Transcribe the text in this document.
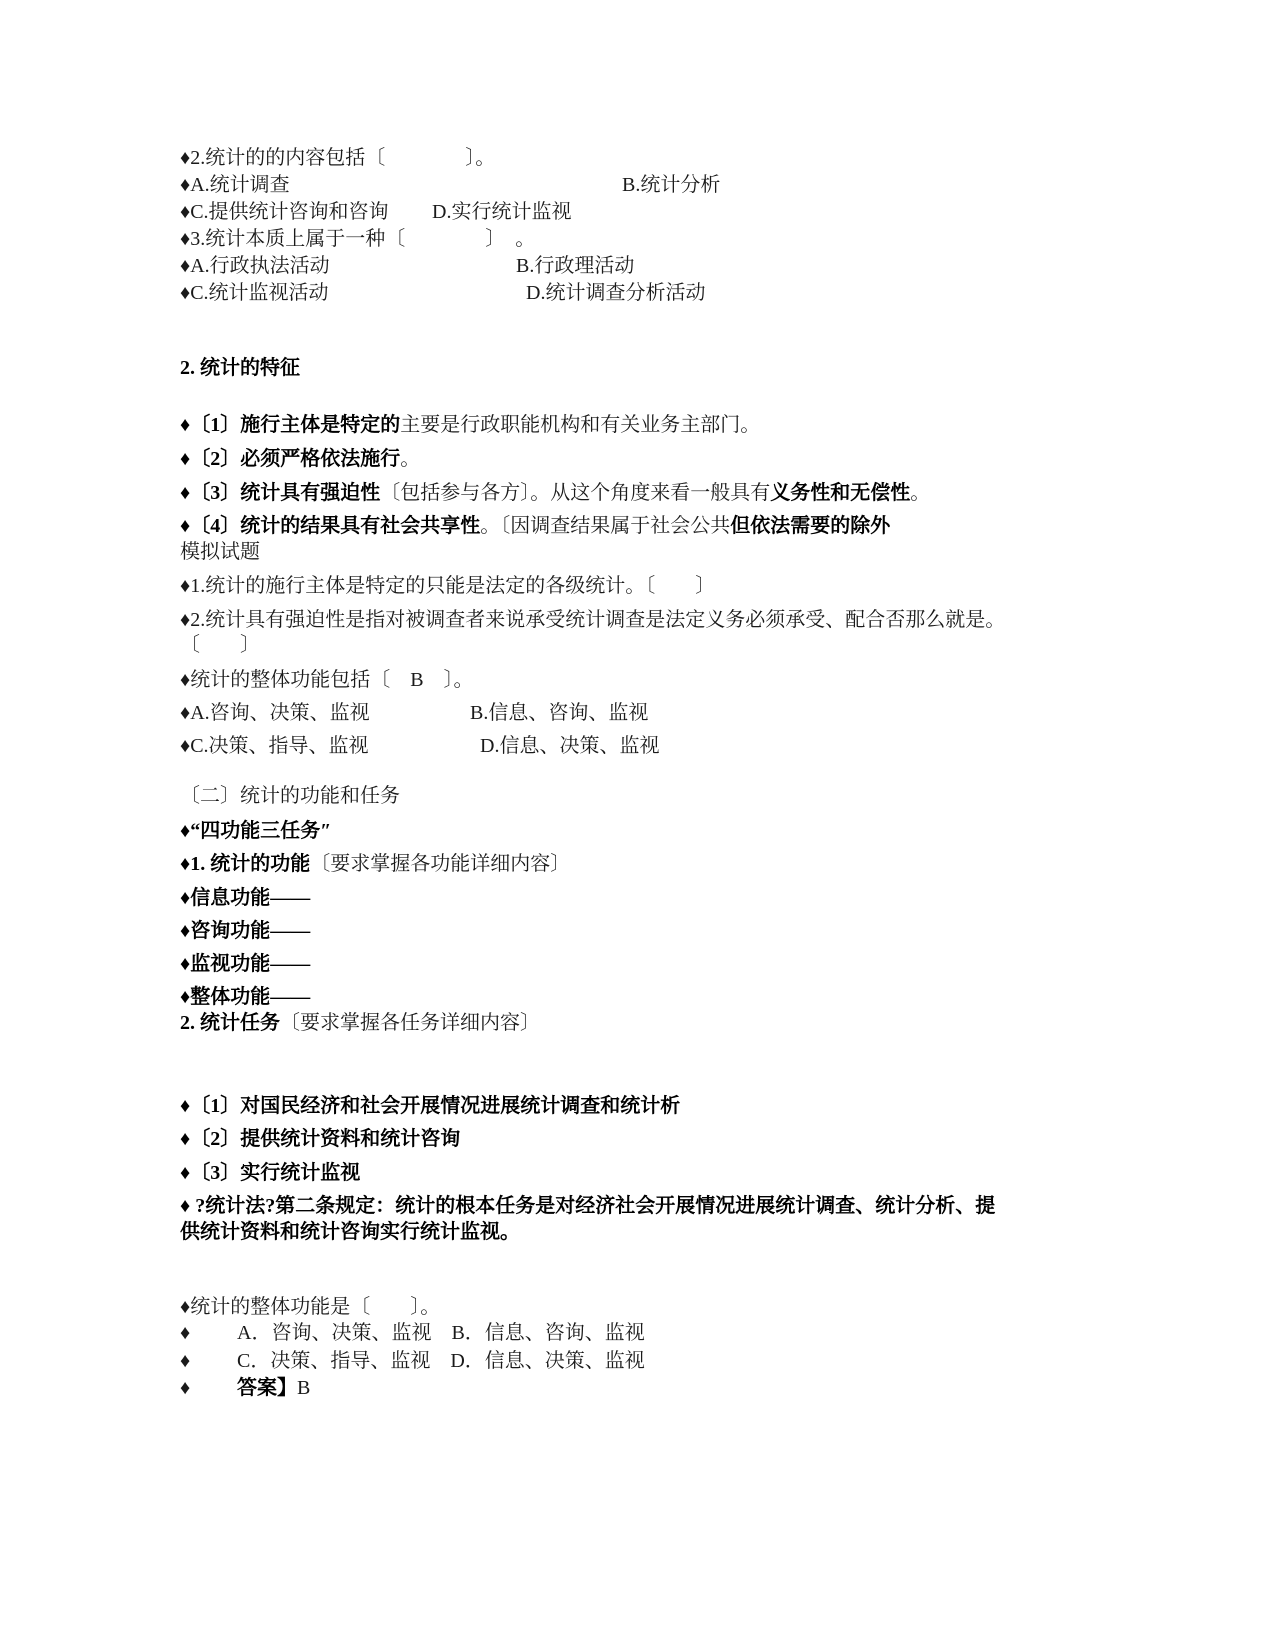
♦2.统计的的内容包括〔　　　　〕。
♦A.统计调查	B.统计分析
♦C.提供统计咨询和咨询 D.实行统计监视
♦3.统计本质上属于一种〔　　　　〕　。
♦A.行政执法活动	B.行政理活动
♦C.统计监视活动	D.统计调查分析活动
2. 统计的特征
♦〔1〕施行主体是特定的主要是行政职能机构和有关业务主部门。
♦〔2〕必须严格依法施行。
♦〔3〕统计具有强迫性〔包括参与各方〕。从这个角度来看一般具有义务性和无偿性。
♦〔4〕统计的结果具有社会共享性。〔因调查结果属于社会公共但依法需要的除外
模拟试题
♦1.统计的施行主体是特定的只能是法定的各级统计。〔　　〕
♦2.统计具有强迫性是指对被调查者来说承受统计调查是法定义务必须承受、配合否那么就是。
〔　　〕
♦统计的整体功能包括〔　B　〕。
♦A.咨询、决策、监视	B.信息、咨询、监视
♦C.决策、指导、监视	D.信息、决策、监视
〔二〕统计的功能和任务
♦“四功能三任务″
♦1. 统计的功能〔要求掌握各功能详细内容〕
♦信息功能——
♦咨询功能——
♦监视功能——
♦整体功能——
2. 统计任务〔要求掌握各任务详细内容〕
♦〔1〕对国民经济和社会开展情况进展统计调查和统计析
♦〔2〕提供统计资料和统计咨询
♦〔3〕实行统计监视
♦ ?统计法?第二条规定：统计的根本任务是对经济社会开展情况进展统计调查、统计分析、提
供统计资料和统计咨询实行统计监视。
♦统计的整体功能是〔　　〕。
♦ A．咨询、决策、监视　B．信息、咨询、监视
♦ C．决策、指导、监视　D．信息、决策、监视
♦ 答案】B
